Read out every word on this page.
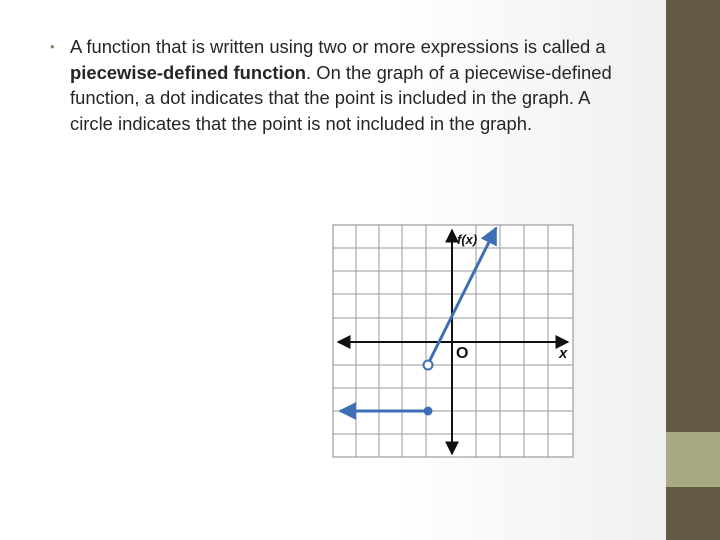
• A function that is written using two or more expressions is called a piecewise-defined function. On the graph of a piecewise-defined function, a dot indicates that the point is included in the graph. A circle indicates that the point is not included in the graph.
f(x)
x
O
